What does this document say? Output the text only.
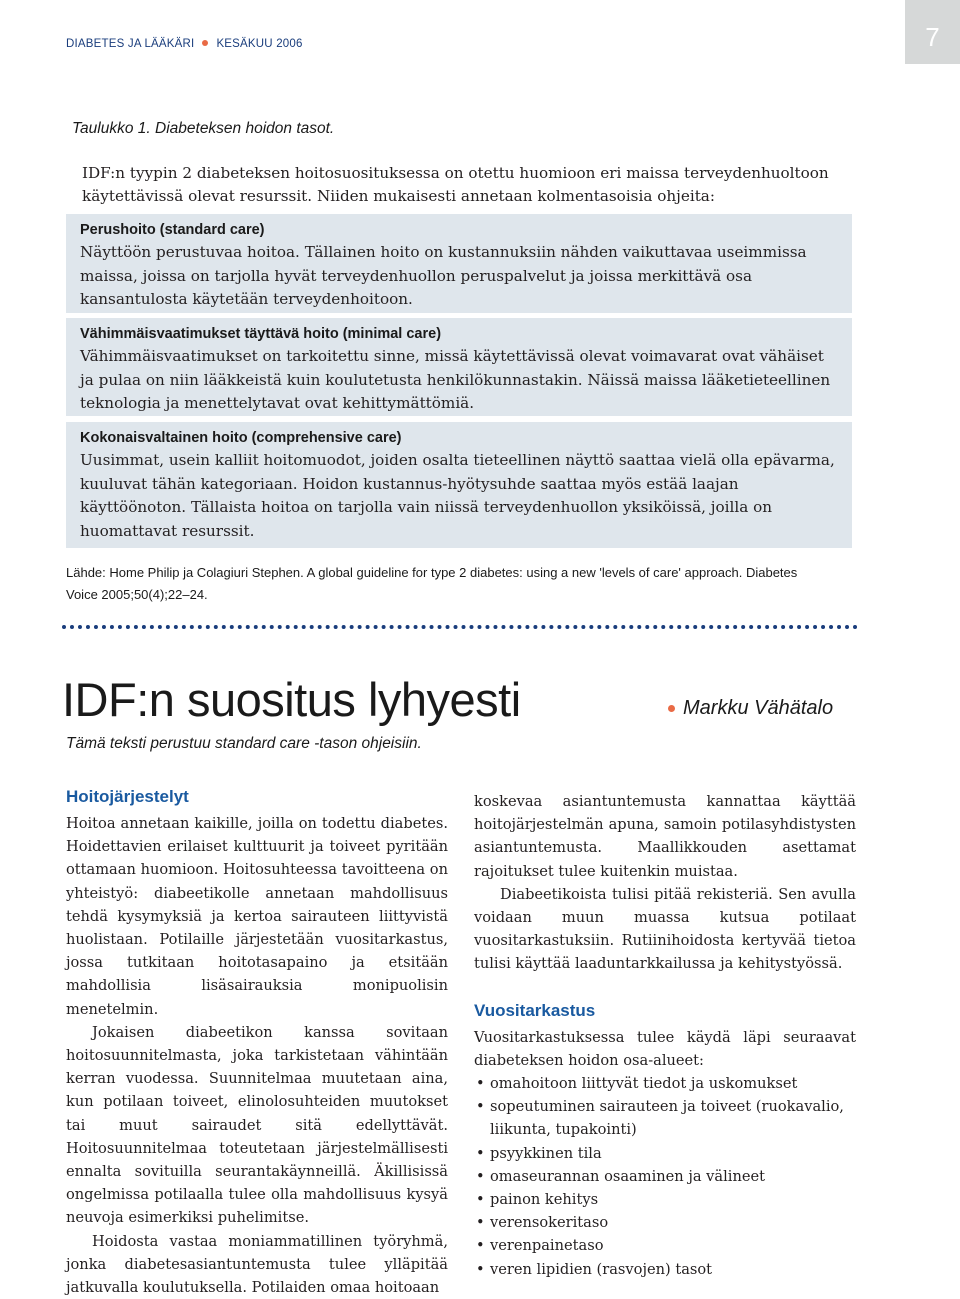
DIABETES JA LÄÄKÄRI KESÄKUU 2006	7
Taulukko 1. Diabeteksen hoidon tasot.
IDF:n tyypin 2 diabeteksen hoitosuosituksessa on otettu huomioon eri maissa terveydenhuoltoon käytettävissä olevat resurssit. Niiden mukaisesti annetaan kolmentasoisia ohjeita:
Perushoito (standard care)

Näyttöön perustuvaa hoitoa. Tällainen hoito on kustannuksiin nähden vaikuttavaa useimmissa maissa, joissa on tarjolla hyvät terveydenhuollon peruspalvelut ja joissa merkittävä osa kansantulosta käytetään terveydenhoitoon.

Vähimmäisvaatimukset täyttävä hoito (minimal care)

Vähimmäisvaatimukset on tarkoitettu sinne, missä käytettävissä olevat voimavarat ovat vähäiset ja pulaa on niin lääkkeistä kuin koulutetusta henkilökunnastakin. Näissä maissa lääketieteellinen teknologia ja menettelytavat ovat kehittymättömiä.

Kokonaisvaltainen hoito (comprehensive care)

Uusimmat, usein kalliit hoitomuodot, joiden osalta tieteellinen näyttö saattaa vielä olla epävarma, kuuluvat tähän kategoriaan. Hoidon kustannus-hyötysuhde saattaa myös estää laajan käyttöönoton. Tällaista hoitoa on tarjolla vain niissä terveydenhuollon yksiköissä, joilla on huomattavat resurssit.

Lähde: Home Philip ja Colagiuri Stephen. A global guideline for type 2 diabetes: using a new 'levels of care' approach. Diabetes Voice 2005;50(4);22–24.
IDF:n suositus lyhyesti	Markku Vähätalo
Tämä teksti perustuu standard care -tason ohjeisiin.
Hoitojärjestelyt

Hoitoa annetaan kaikille, joilla on todettu diabetes. Hoidettavien erilaiset kulttuurit ja toiveet pyritään ottamaan huomioon. Hoitosuhteessa tavoitteena on yhteistyö: diabeetikolle annetaan mahdollisuus tehdä kysymyksiä ja kertoa sairauteen liittyvistä huolistaan. Potilaille järjestetään vuositarkastus, jossa tutkitaan hoitotasapaino ja etsitään mahdollisia lisäsairauksia monipuolisin menetelmin.

Jokaisen diabeetikon kanssa sovitaan hoitosuunnitelmasta, joka tarkistetaan vähintään kerran vuodessa. Suunnitelmaa muutetaan aina, kun potilaan toiveet, elinolosuhteiden muutokset tai muut sairaudet sitä edellyttävät. Hoitosuunnitelmaa toteutetaan järjestelmällisesti ennalta sovituilla seurantakäynneillä. Äkillisissä ongelmissa potilaalla tulee olla mahdollisuus kysyä neuvoja esimerkiksi puhelimitse.

Hoidosta vastaa moniammatillinen työryhmä, jonka diabetesasiantuntemusta tulee ylläpitää jatkuvalla koulutuksella. Potilaiden omaa hoitoaan

koskevaa asiantuntemusta kannattaa käyttää hoitojärjestelmän apuna, samoin potilasyhdistysten asiantuntemusta. Maallikkouden asettamat rajoitukset tulee kuitenkin muistaa.

Diabeetikoista tulisi pitää rekisteriä. Sen avulla voidaan muun muassa kutsua potilaat vuositarkastuksiin. Rutiinihoidosta kertyvää tietoa tulisi käyttää laaduntarkkailussa ja kehitystyössä.

Vuositarkastus

Vuositarkastuksessa tulee käydä läpi seuraavat diabeteksen hoidon osa-alueet:

• omahoitoon liittyvät tiedot ja uskomukset
• sopeutuminen sairauteen ja toiveet (ruokavalio, liikunta, tupakointi)
• psyykkinen tila
• omaseurannan osaaminen ja välineet
• painon kehitys
• verensokeritaso
• verenpainetaso
• veren lipidien (rasvojen) tasot
